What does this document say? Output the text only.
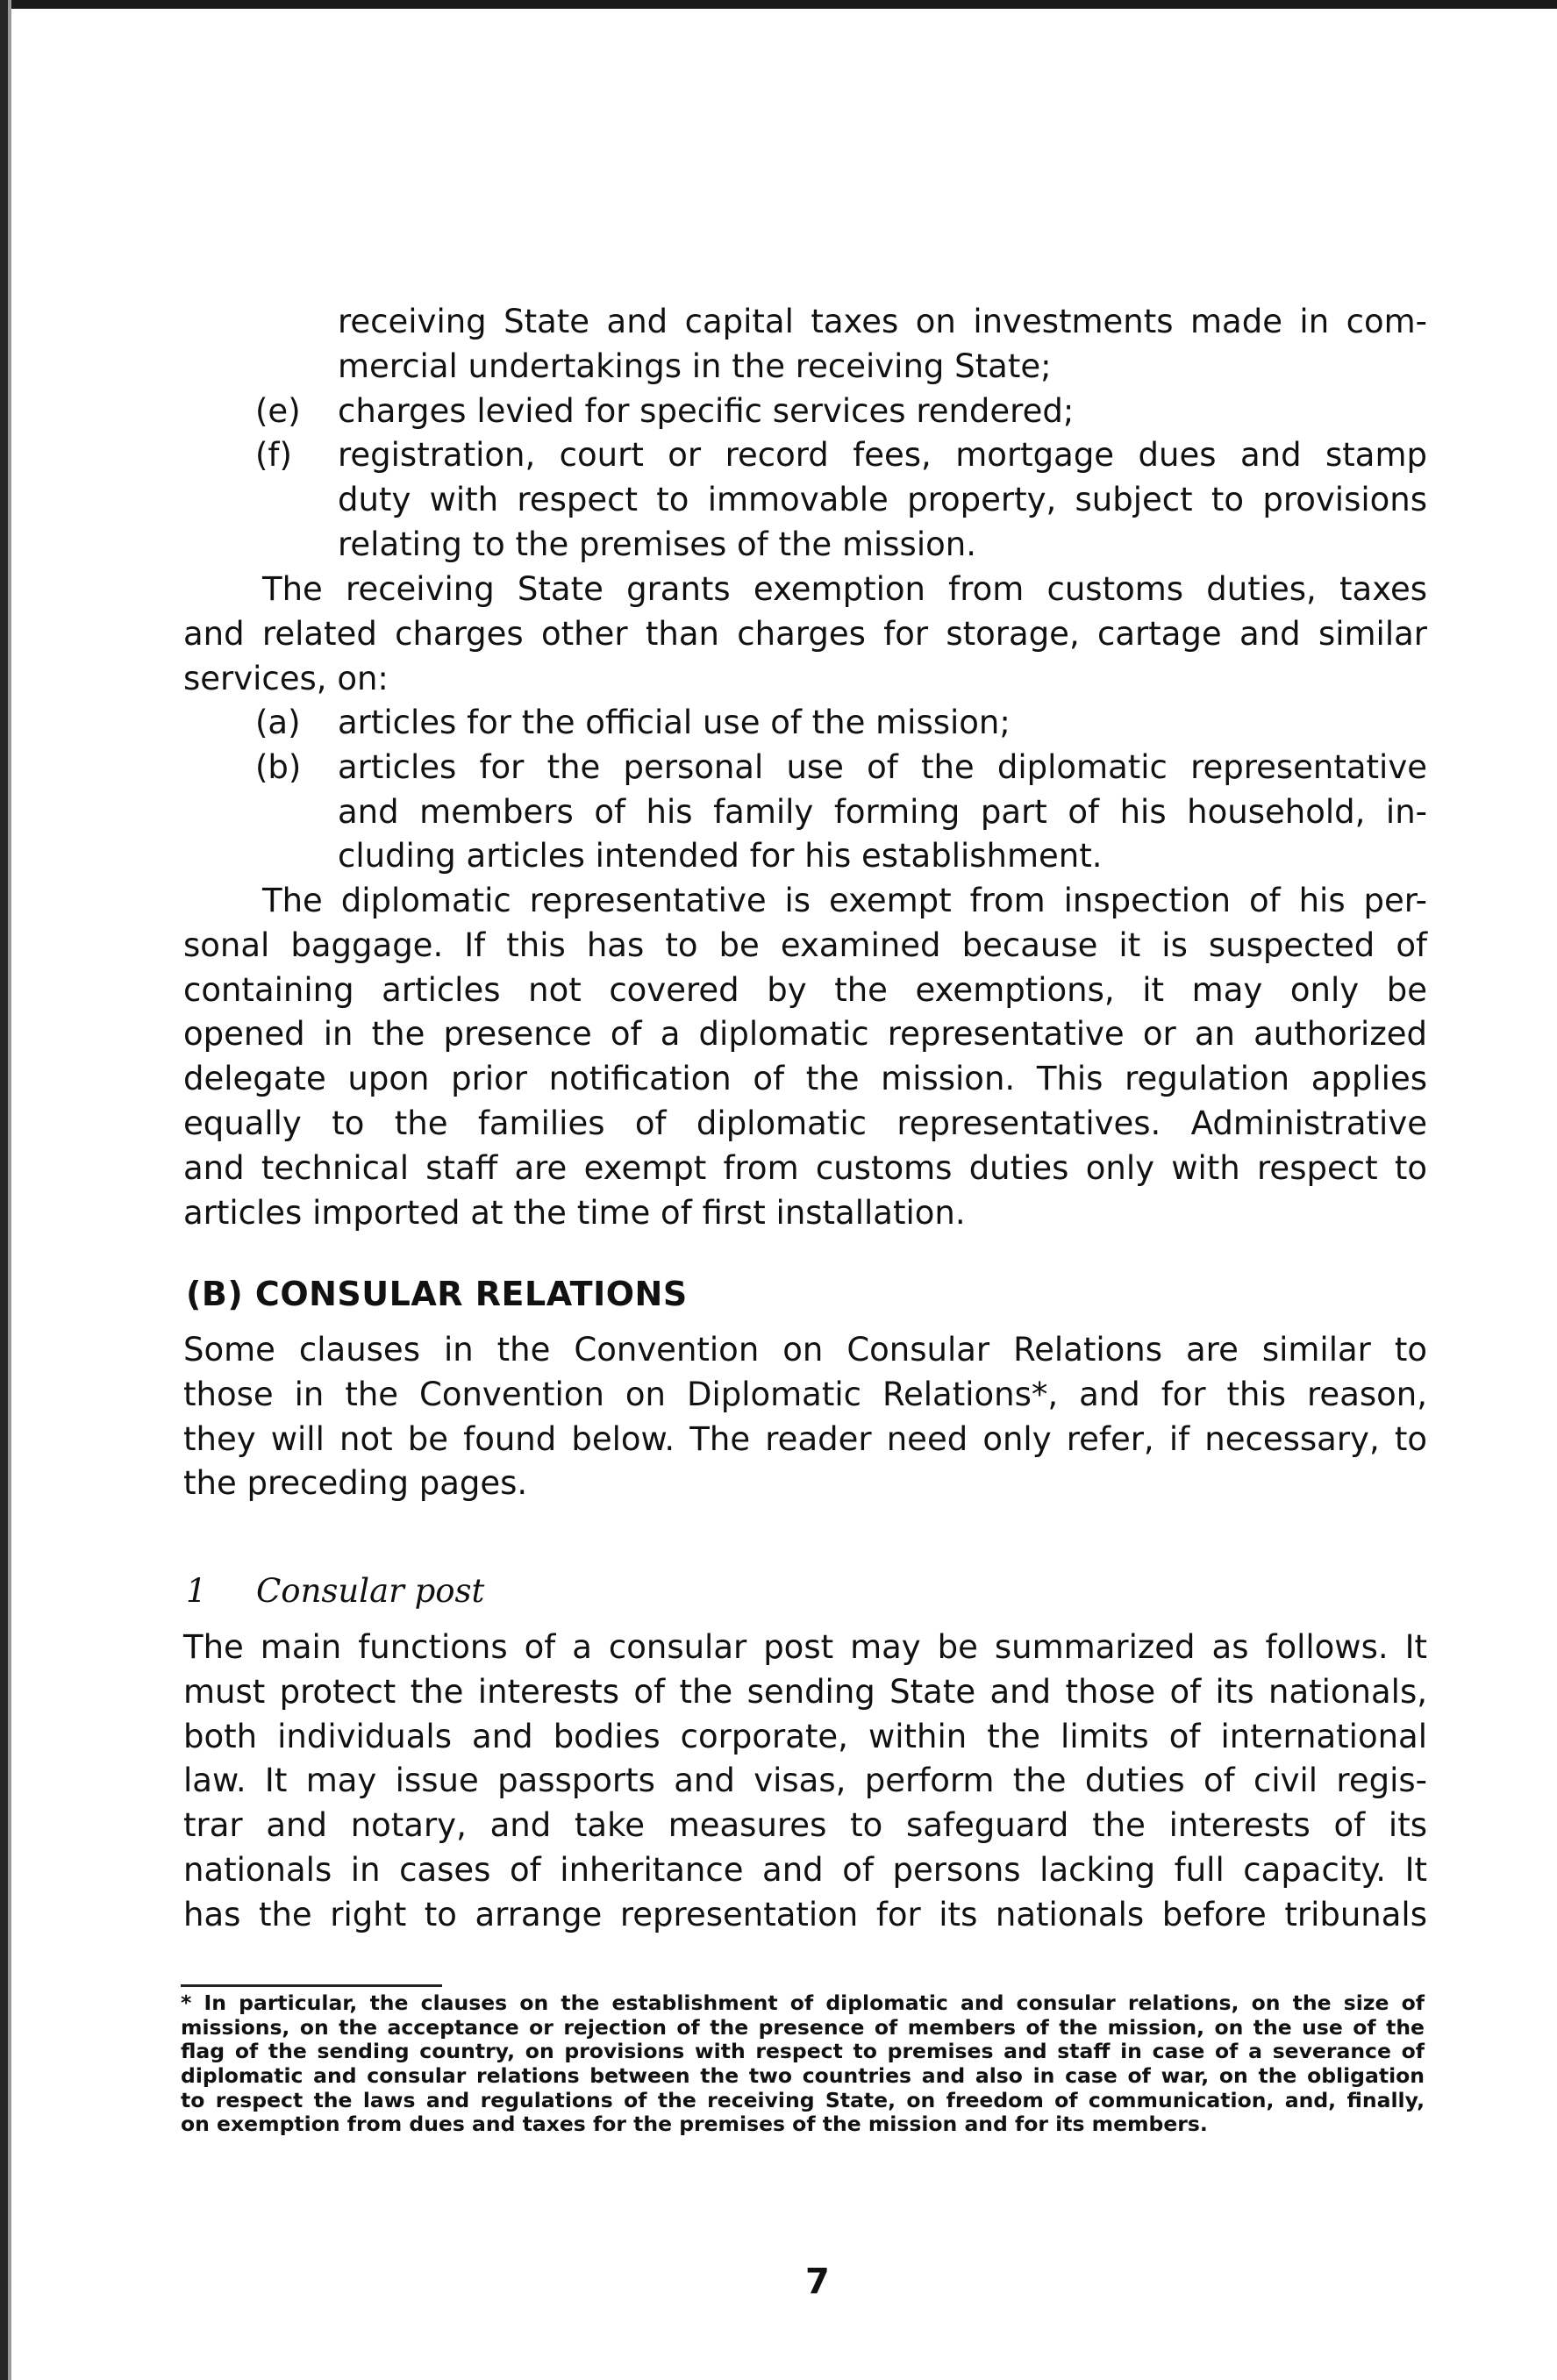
receiving State and capital taxes on investments made in com-
mercial undertakings in the receiving State;
(e)	charges levied for specific services rendered;
(f)	registration, court or record fees, mortgage dues and stamp
duty with respect to immovable property, subject to provisions
relating to the premises of the mission.
The receiving State grants exemption from customs duties, taxes
and related charges other than charges for storage, cartage and similar
services, on:
(a)	articles for the official use of the mission;
(b)	articles for the personal use of the diplomatic representative
and members of his family forming part of his household, in-
cluding articles intended for his establishment.
The diplomatic representative is exempt from inspection of his per-
sonal baggage. If this has to be examined because it is suspected of
containing articles not covered by the exemptions, it may only be
opened in the presence of a diplomatic representative or an authorized
delegate upon prior notification of the mission. This regulation applies
equally to the families of diplomatic representatives. Administrative
and technical staff are exempt from customs duties only with respect to
articles imported at the time of first installation.
(B) CONSULAR RELATIONS
Some clauses in the Convention on Consular Relations are similar to
those in the Convention on Diplomatic Relations*, and for this reason,
they will not be found below. The reader need only refer, if necessary, to
the preceding pages.
1 Consular post
The main functions of a consular post may be summarized as follows. It
must protect the interests of the sending State and those of its nationals,
both individuals and bodies corporate, within the limits of international
law. It may issue passports and visas, perform the duties of civil regis-
trar and notary, and take measures to safeguard the interests of its
nationals in cases of inheritance and of persons lacking full capacity. It
has the right to arrange representation for its nationals before tribunals
* In particular, the clauses on the establishment of diplomatic and consular relations, on the size of
missions, on the acceptance or rejection of the presence of members of the mission, on the use of the
flag of the sending country, on provisions with respect to premises and staff in case of a severance of
diplomatic and consular relations between the two countries and also in case of war, on the obligation
to respect the laws and regulations of the receiving State, on freedom of communication, and, finally,
on exemption from dues and taxes for the premises of the mission and for its members.
7
